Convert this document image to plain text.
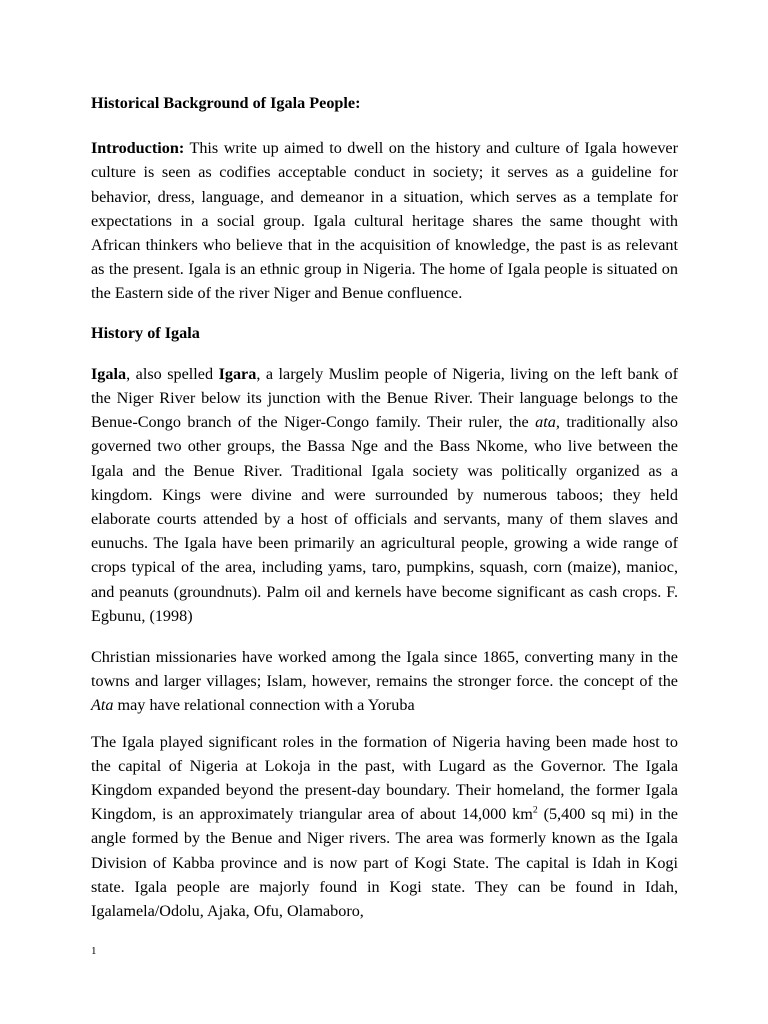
Historical Background of Igala People:

Introduction: This write up aimed to dwell on the history and culture of Igala however culture is seen as codifies acceptable conduct in society; it serves as a guideline for behavior, dress, language, and demeanor in a situation, which serves as a template for expectations in a social group. Igala cultural heritage shares the same thought with African thinkers who believe that in the acquisition of knowledge, the past is as relevant as the present. Igala is an ethnic group in Nigeria. The home of Igala people is situated on the Eastern side of the river Niger and Benue confluence.

History of Igala

Igala, also spelled Igara, a largely Muslim people of Nigeria, living on the left bank of the Niger River below its junction with the Benue River. Their language belongs to the Benue-Congo branch of the Niger-Congo family. Their ruler, the ata, traditionally also governed two other groups, the Bassa Nge and the Bass Nkome, who live between the Igala and the Benue River. Traditional Igala society was politically organized as a kingdom. Kings were divine and were surrounded by numerous taboos; they held elaborate courts attended by a host of officials and servants, many of them slaves and eunuchs. The Igala have been primarily an agricultural people, growing a wide range of crops typical of the area, including yams, taro, pumpkins, squash, corn (maize), manioc, and peanuts (groundnuts). Palm oil and kernels have become significant as cash crops. F. Egbunu, (1998)

Christian missionaries have worked among the Igala since 1865, converting many in the towns and larger villages; Islam, however, remains the stronger force. the concept of the Ata may have relational connection with a Yoruba

The Igala played significant roles in the formation of Nigeria having been made host to the capital of Nigeria at Lokoja in the past, with Lugard as the Governor. The Igala Kingdom expanded beyond the present-day boundary. Their homeland, the former Igala Kingdom, is an approximately triangular area of about 14,000 $km^2$ (5,400 sq mi) in the angle formed by the Benue and Niger rivers. The area was formerly known as the Igala Division of Kabba province and is now part of Kogi State. The capital is Idah in Kogi state. Igala people are majorly found in Kogi state. They can be found in Idah, Igalamela/Odolu, Ajaka, Ofu, Olamaboro,

1
